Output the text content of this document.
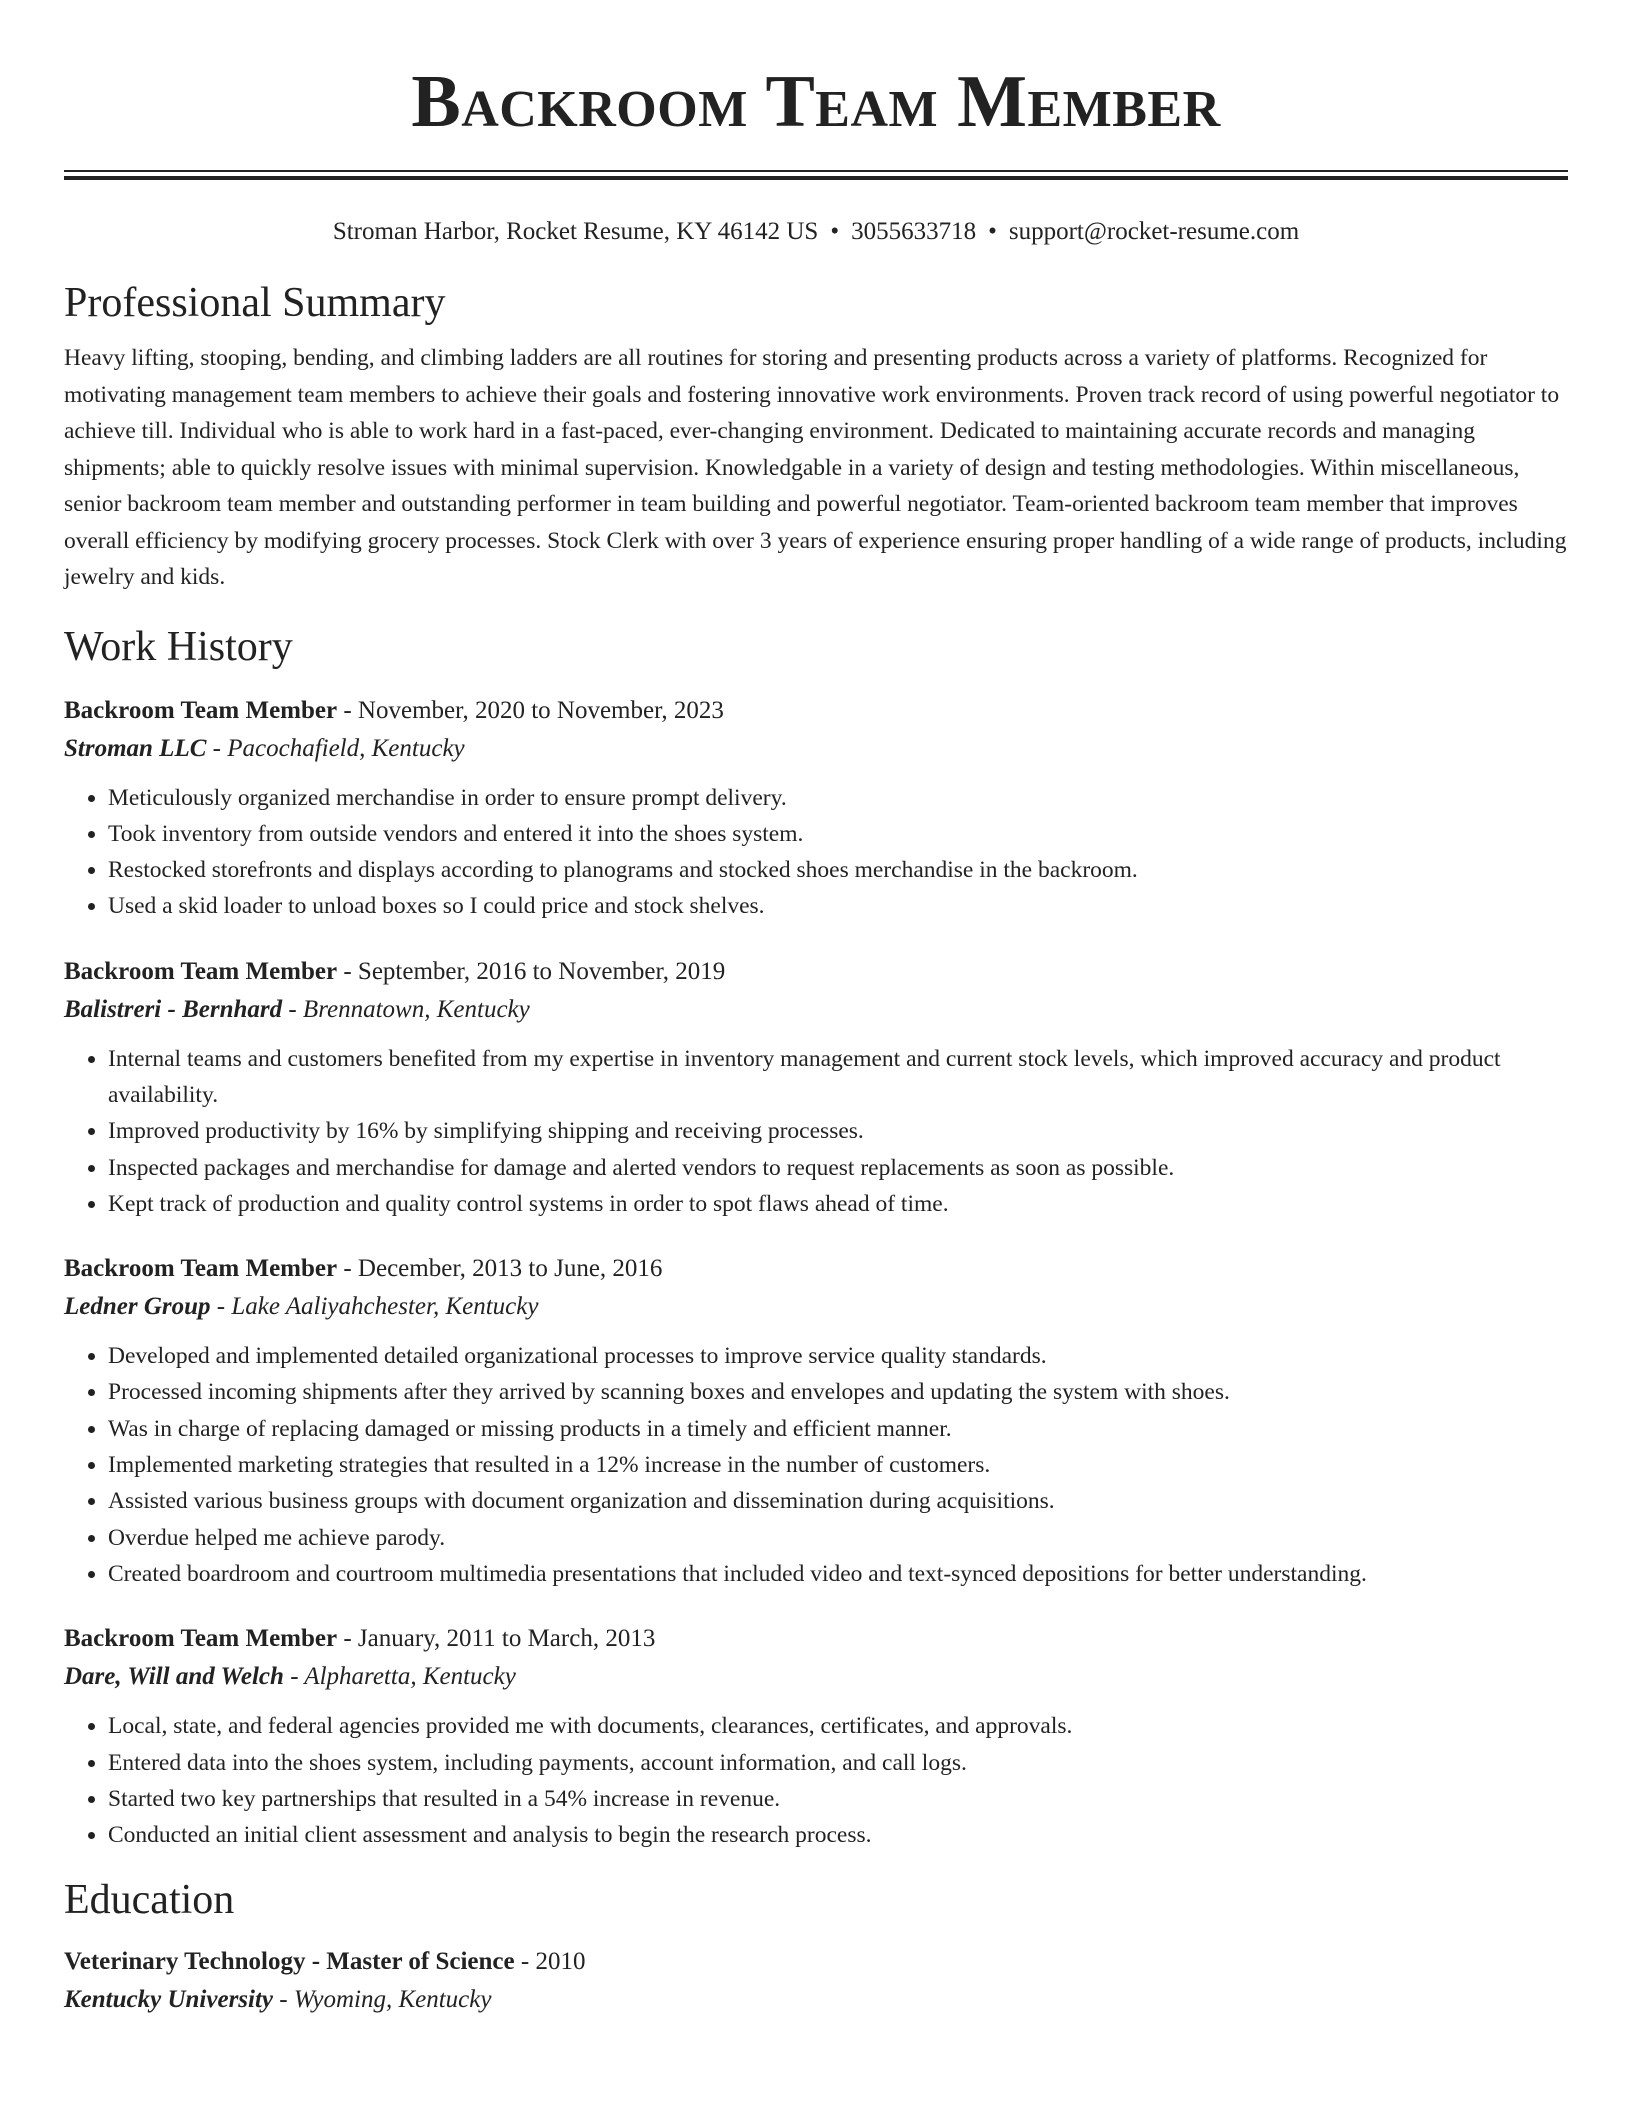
Backroom Team Member
Stroman Harbor, Rocket Resume, KY 46142 US • 3055633718 • support@rocket-resume.com
Professional Summary
Heavy lifting, stooping, bending, and climbing ladders are all routines for storing and presenting products across a variety of platforms. Recognized for motivating management team members to achieve their goals and fostering innovative work environments. Proven track record of using powerful negotiator to achieve till. Individual who is able to work hard in a fast-paced, ever-changing environment. Dedicated to maintaining accurate records and managing shipments; able to quickly resolve issues with minimal supervision. Knowledgable in a variety of design and testing methodologies. Within miscellaneous, senior backroom team member and outstanding performer in team building and powerful negotiator. Team-oriented backroom team member that improves overall efficiency by modifying grocery processes. Stock Clerk with over 3 years of experience ensuring proper handling of a wide range of products, including jewelry and kids.
Work History
Backroom Team Member - November, 2020 to November, 2023
Stroman LLC - Pacochafield, Kentucky
• Meticulously organized merchandise in order to ensure prompt delivery.
• Took inventory from outside vendors and entered it into the shoes system.
• Restocked storefronts and displays according to planograms and stocked shoes merchandise in the backroom.
• Used a skid loader to unload boxes so I could price and stock shelves.
Backroom Team Member - September, 2016 to November, 2019
Balistreri - Bernhard - Brennatown, Kentucky
• Internal teams and customers benefited from my expertise in inventory management and current stock levels, which improved accuracy and product availability.
• Improved productivity by 16% by simplifying shipping and receiving processes.
• Inspected packages and merchandise for damage and alerted vendors to request replacements as soon as possible.
• Kept track of production and quality control systems in order to spot flaws ahead of time.
Backroom Team Member - December, 2013 to June, 2016
Ledner Group - Lake Aaliyahchester, Kentucky
• Developed and implemented detailed organizational processes to improve service quality standards.
• Processed incoming shipments after they arrived by scanning boxes and envelopes and updating the system with shoes.
• Was in charge of replacing damaged or missing products in a timely and efficient manner.
• Implemented marketing strategies that resulted in a 12% increase in the number of customers.
• Assisted various business groups with document organization and dissemination during acquisitions.
• Overdue helped me achieve parody.
• Created boardroom and courtroom multimedia presentations that included video and text-synced depositions for better understanding.
Backroom Team Member - January, 2011 to March, 2013
Dare, Will and Welch - Alpharetta, Kentucky
• Local, state, and federal agencies provided me with documents, clearances, certificates, and approvals.
• Entered data into the shoes system, including payments, account information, and call logs.
• Started two key partnerships that resulted in a 54% increase in revenue.
• Conducted an initial client assessment and analysis to begin the research process.
Education
Veterinary Technology - Master of Science - 2010
Kentucky University - Wyoming, Kentucky
